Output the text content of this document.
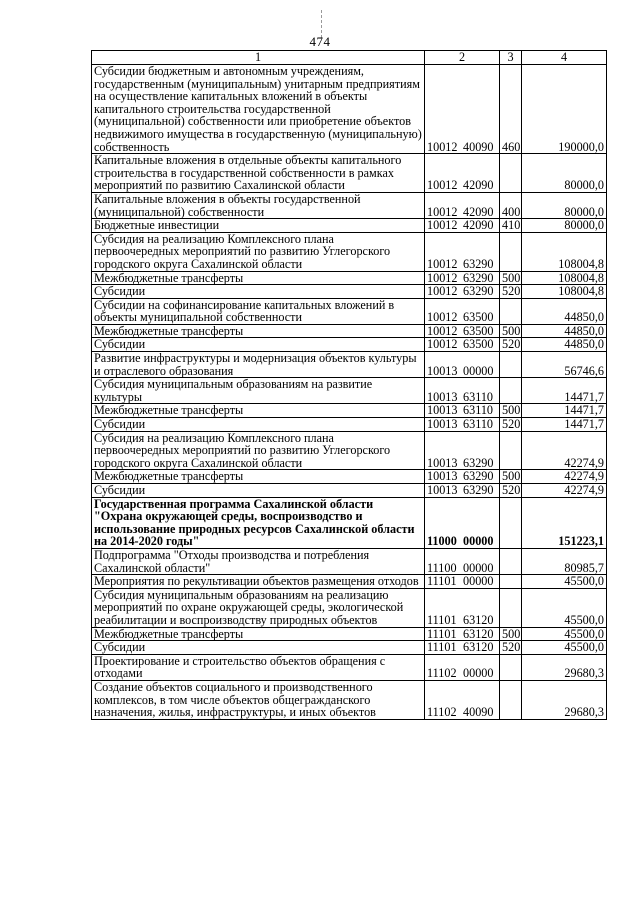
474
1	2	3	4
Субсидии бюджетным и автономным учреждениям, государственным (муниципальным) унитарным предприятиям на осуществление капитальных вложений в объекты капитального строительства государственной (муниципальной) собственности или приобретение объектов недвижимого имущества в государственную (муниципальную) собственность	10012 40090	460	190000,0
Капитальные вложения в отдельные объекты капитального строительства в государственной собственности в рамках мероприятий по развитию Сахалинской области	10012 42090		80000,0
Капитальные вложения в объекты государственной (муниципальной) собственности	10012 42090	400	80000,0
Бюджетные инвестиции	10012 42090	410	80000,0
Субсидия на реализацию Комплексного плана первоочередных мероприятий по развитию Углегорского городского округа Сахалинской области	10012 63290		108004,8
Межбюджетные трансферты	10012 63290	500	108004,8
Субсидии	10012 63290	520	108004,8
Субсидии на софинансирование капитальных вложений в объекты муниципальной собственности	10012 63500		44850,0
Межбюджетные трансферты	10012 63500	500	44850,0
Субсидии	10012 63500	520	44850,0
Развитие инфраструктуры и модернизация объектов культуры и отраслевого образования	10013 00000		56746,6
Субсидия муниципальным образованиям на развитие культуры	10013 63110		14471,7
Межбюджетные трансферты	10013 63110	500	14471,7
Субсидии	10013 63110	520	14471,7
Субсидия на реализацию Комплексного плана первоочередных мероприятий по развитию Углегорского городского округа Сахалинской области	10013 63290		42274,9
Межбюджетные трансферты	10013 63290	500	42274,9
Субсидии	10013 63290	520	42274,9
Государственная программа Сахалинской области "Охрана окружающей среды, воспроизводство и использование природных ресурсов Сахалинской области на 2014-2020 годы"	11000 00000		151223,1
Подпрограмма "Отходы производства и потребления Сахалинской области"	11100 00000		80985,7
Мероприятия по рекультивации объектов размещения отходов	11101 00000		45500,0
Субсидия муниципальным образованиям на реализацию мероприятий по охране окружающей среды, экологической реабилитации и воспроизводству природных объектов	11101 63120		45500,0
Межбюджетные трансферты	11101 63120	500	45500,0
Субсидии	11101 63120	520	45500,0
Проектирование и строительство объектов обращения с отходами	11102 00000		29680,3
Создание объектов социального и производственного комплексов, в том числе объектов общегражданского назначения, жилья, инфраструктуры, и иных объектов	11102 40090		29680,3
